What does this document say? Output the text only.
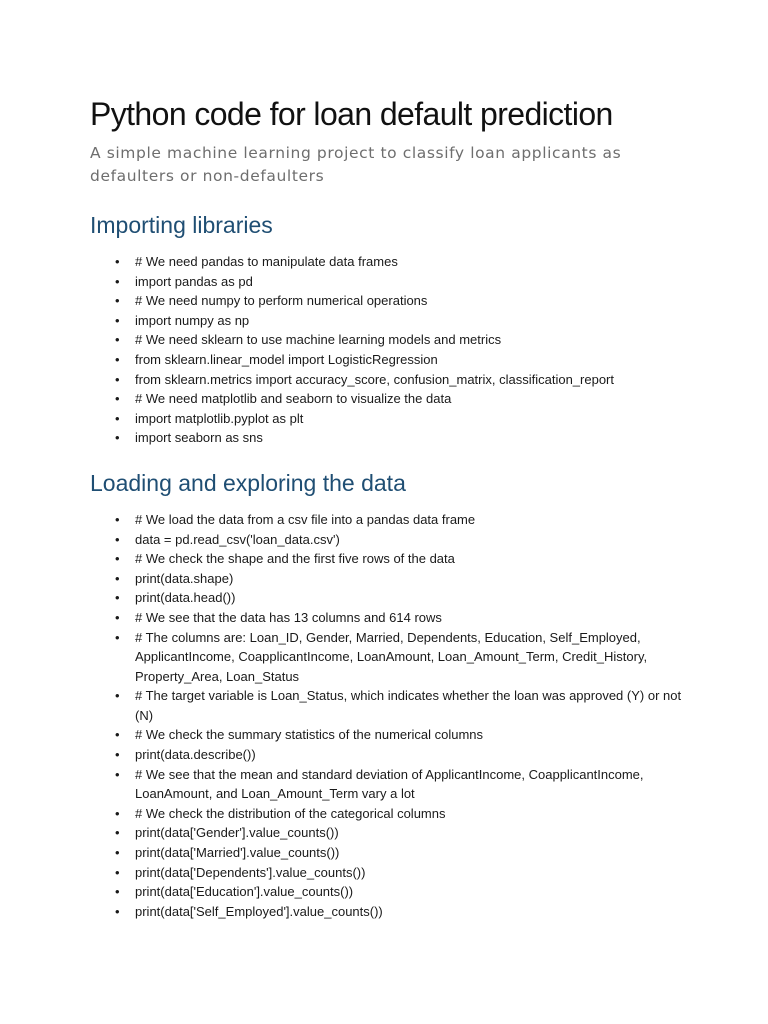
Python code for loan default prediction

A simple machine learning project to classify loan applicants as defaulters or non-defaulters

Importing libraries
• # We need pandas to manipulate data frames
• import pandas as pd
• # We need numpy to perform numerical operations
• import numpy as np
• # We need sklearn to use machine learning models and metrics
• from sklearn.linear_model import LogisticRegression
• from sklearn.metrics import accuracy_score, confusion_matrix, classification_report
• # We need matplotlib and seaborn to visualize the data
• import matplotlib.pyplot as plt
• import seaborn as sns
Loading and exploring the data
• # We load the data from a csv file into a pandas data frame
• data = pd.read_csv('loan_data.csv')
• # We check the shape and the first five rows of the data
• print(data.shape)
• print(data.head())
• # We see that the data has 13 columns and 614 rows
• # The columns are: Loan_ID, Gender, Married, Dependents, Education, Self_Employed, ApplicantIncome, CoapplicantIncome, LoanAmount, Loan_Amount_Term, Credit_History, Property_Area, Loan_Status
• # The target variable is Loan_Status, which indicates whether the loan was approved (Y) or not (N)
• # We check the summary statistics of the numerical columns
• print(data.describe())
• # We see that the mean and standard deviation of ApplicantIncome, CoapplicantIncome, LoanAmount, and Loan_Amount_Term vary a lot
• # We check the distribution of the categorical columns
• print(data['Gender'].value_counts())
• print(data['Married'].value_counts())
• print(data['Dependents'].value_counts())
• print(data['Education'].value_counts())
• print(data['Self_Employed'].value_counts())
